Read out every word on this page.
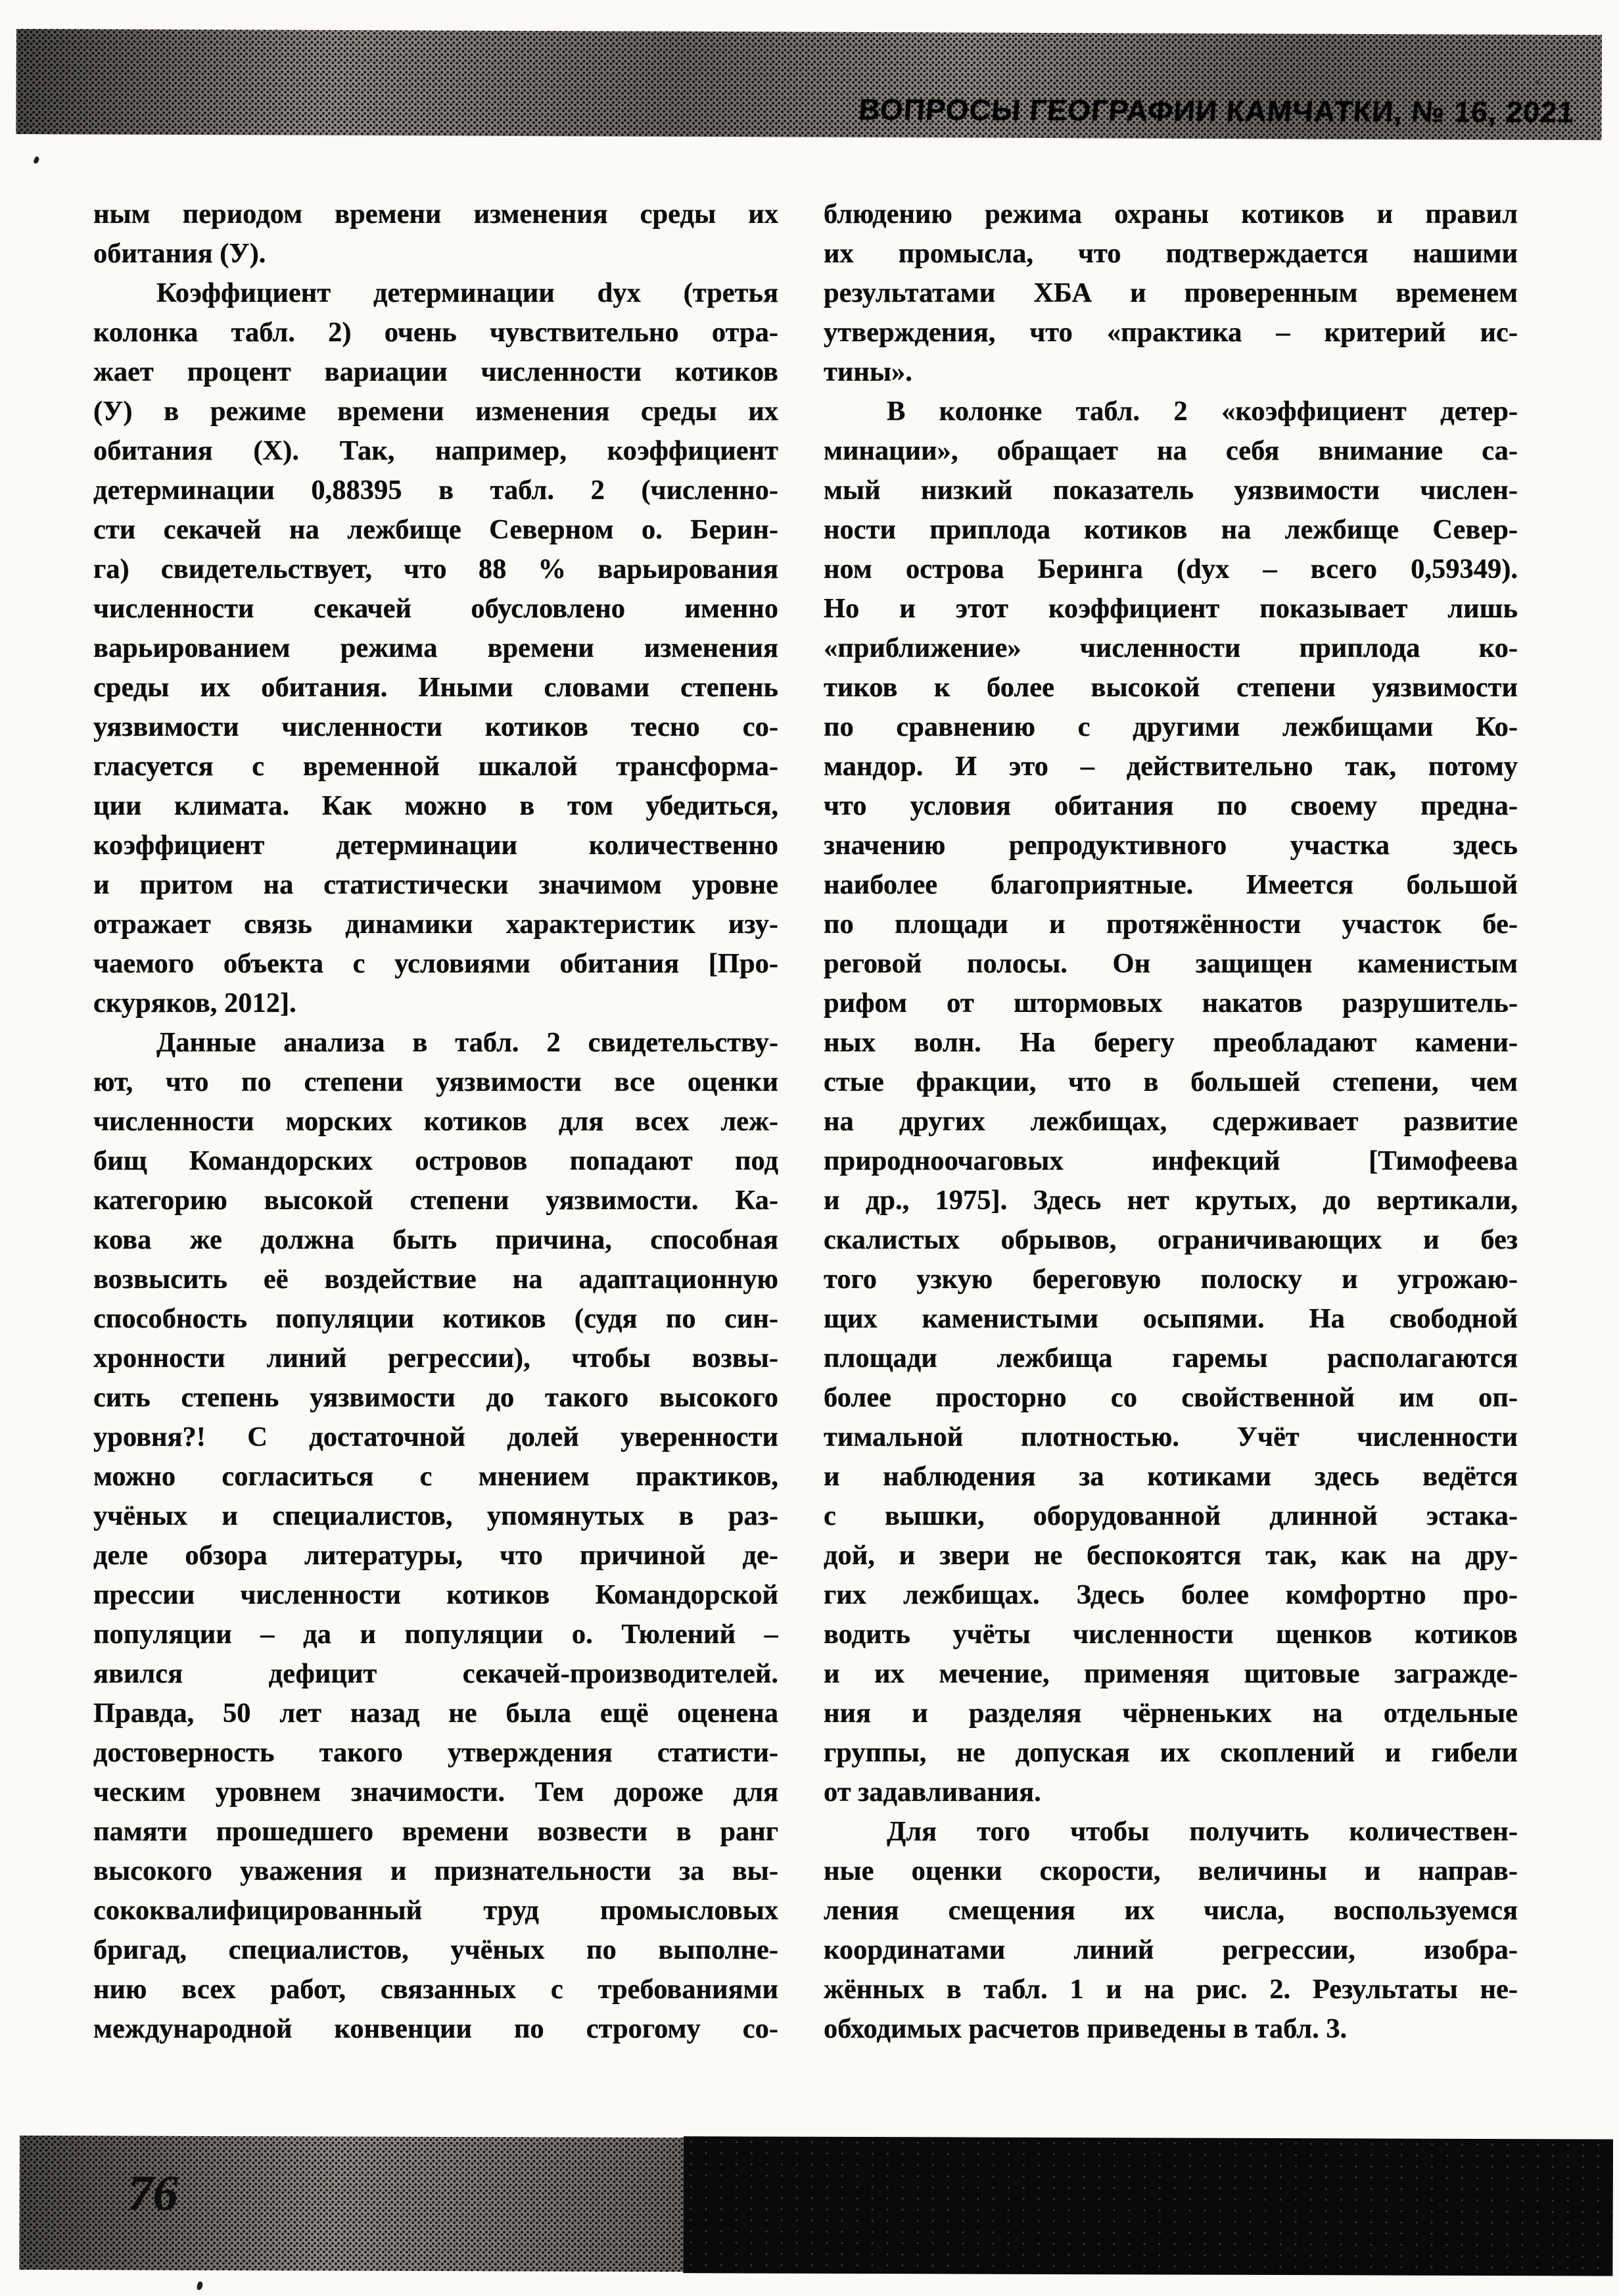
ВОПРОСЫ ГЕОГРАФИИ КАМЧАТКИ, № 16, 2021
ным периодом времени изменения среды их
обитания (У).
Коэффициент детерминации dух (третья
колонка табл. 2) очень чувствительно отра-
жает процент вариации численности котиков
(У) в режиме времени изменения среды их
обитания (Х). Так, например, коэффициент
детерминации 0,88395 в табл. 2 (численно-
сти секачей на лежбище Северном о. Берин-
га) свидетельствует, что 88 % варьирования
численности секачей обусловлено именно
варьированием режима времени изменения
среды их обитания. Иными словами степень
уязвимости численности котиков тесно со-
гласуется с временной шкалой трансформа-
ции климата. Как можно в том убедиться,
коэффициент детерминации количественно
и притом на статистически значимом уровне
отражает связь динамики характеристик изу-
чаемого объекта с условиями обитания [Про-
скуряков, 2012].
Данные анализа в табл. 2 свидетельству-
ют, что по степени уязвимости все оценки
численности морских котиков для всех леж-
бищ Командорских островов попадают под
категорию высокой степени уязвимости. Ка-
кова же должна быть причина, способная
возвысить её воздействие на адаптационную
способность популяции котиков (судя по син-
хронности линий регрессии), чтобы возвы-
сить степень уязвимости до такого высокого
уровня?! С достаточной долей уверенности
можно согласиться с мнением практиков,
учёных и специалистов, упомянутых в раз-
деле обзора литературы, что причиной де-
прессии численности котиков Командорской
популяции – да и популяции о. Тюлений –
явился дефицит секачей-производителей.
Правда, 50 лет назад не была ещё оценена
достоверность такого утверждения статисти-
ческим уровнем значимости. Тем дороже для
памяти прошедшего времени возвести в ранг
высокого уважения и признательности за вы-
сококвалифицированный труд промысловых
бригад, специалистов, учёных по выполне-
нию всех работ, связанных с требованиями
международной конвенции по строгому со-
блюдению режима охраны котиков и правил
их промысла, что подтверждается нашими
результатами ХБА и проверенным временем
утверждения, что «практика – критерий ис-
тины».
В колонке табл. 2 «коэффициент детер-
минации», обращает на себя внимание са-
мый низкий показатель уязвимости числен-
ности приплода котиков на лежбище Север-
ном острова Беринга (dух – всего 0,59349).
Но и этот коэффициент показывает лишь
«приближение» численности приплода ко-
тиков к более высокой степени уязвимости
по сравнению с другими лежбищами Ко-
мандор. И это – действительно так, потому
что условия обитания по своему предна-
значению репродуктивного участка здесь
наиболее благоприятные. Имеется большой
по площади и протяжённости участок бе-
реговой полосы. Он защищен каменистым
рифом от штормовых накатов разрушитель-
ных волн. На берегу преобладают камени-
стые фракции, что в большей степени, чем
на других лежбищах, сдерживает развитие
природноочаговых инфекций [Тимофеева
и др., 1975]. Здесь нет крутых, до вертикали,
скалистых обрывов, ограничивающих и без
того узкую береговую полоску и угрожаю-
щих каменистыми осыпями. На свободной
площади лежбища гаремы располагаются
более просторно со свойственной им оп-
тимальной плотностью. Учёт численности
и наблюдения за котиками здесь ведётся
с вышки, оборудованной длинной эстака-
дой, и звери не беспокоятся так, как на дру-
гих лежбищах. Здесь более комфортно про-
водить учёты численности щенков котиков
и их мечение, применяя щитовые загражде-
ния и разделяя чёрненьких на отдельные
группы, не допуская их скоплений и гибели
от задавливания.
Для того чтобы получить количествен-
ные оценки скорости, величины и направ-
ления смещения их числа, воспользуемся
координатами линий регрессии, изобра-
жённых в табл. 1 и на рис. 2. Результаты не-
обходимых расчетов приведены в табл. 3.
76
